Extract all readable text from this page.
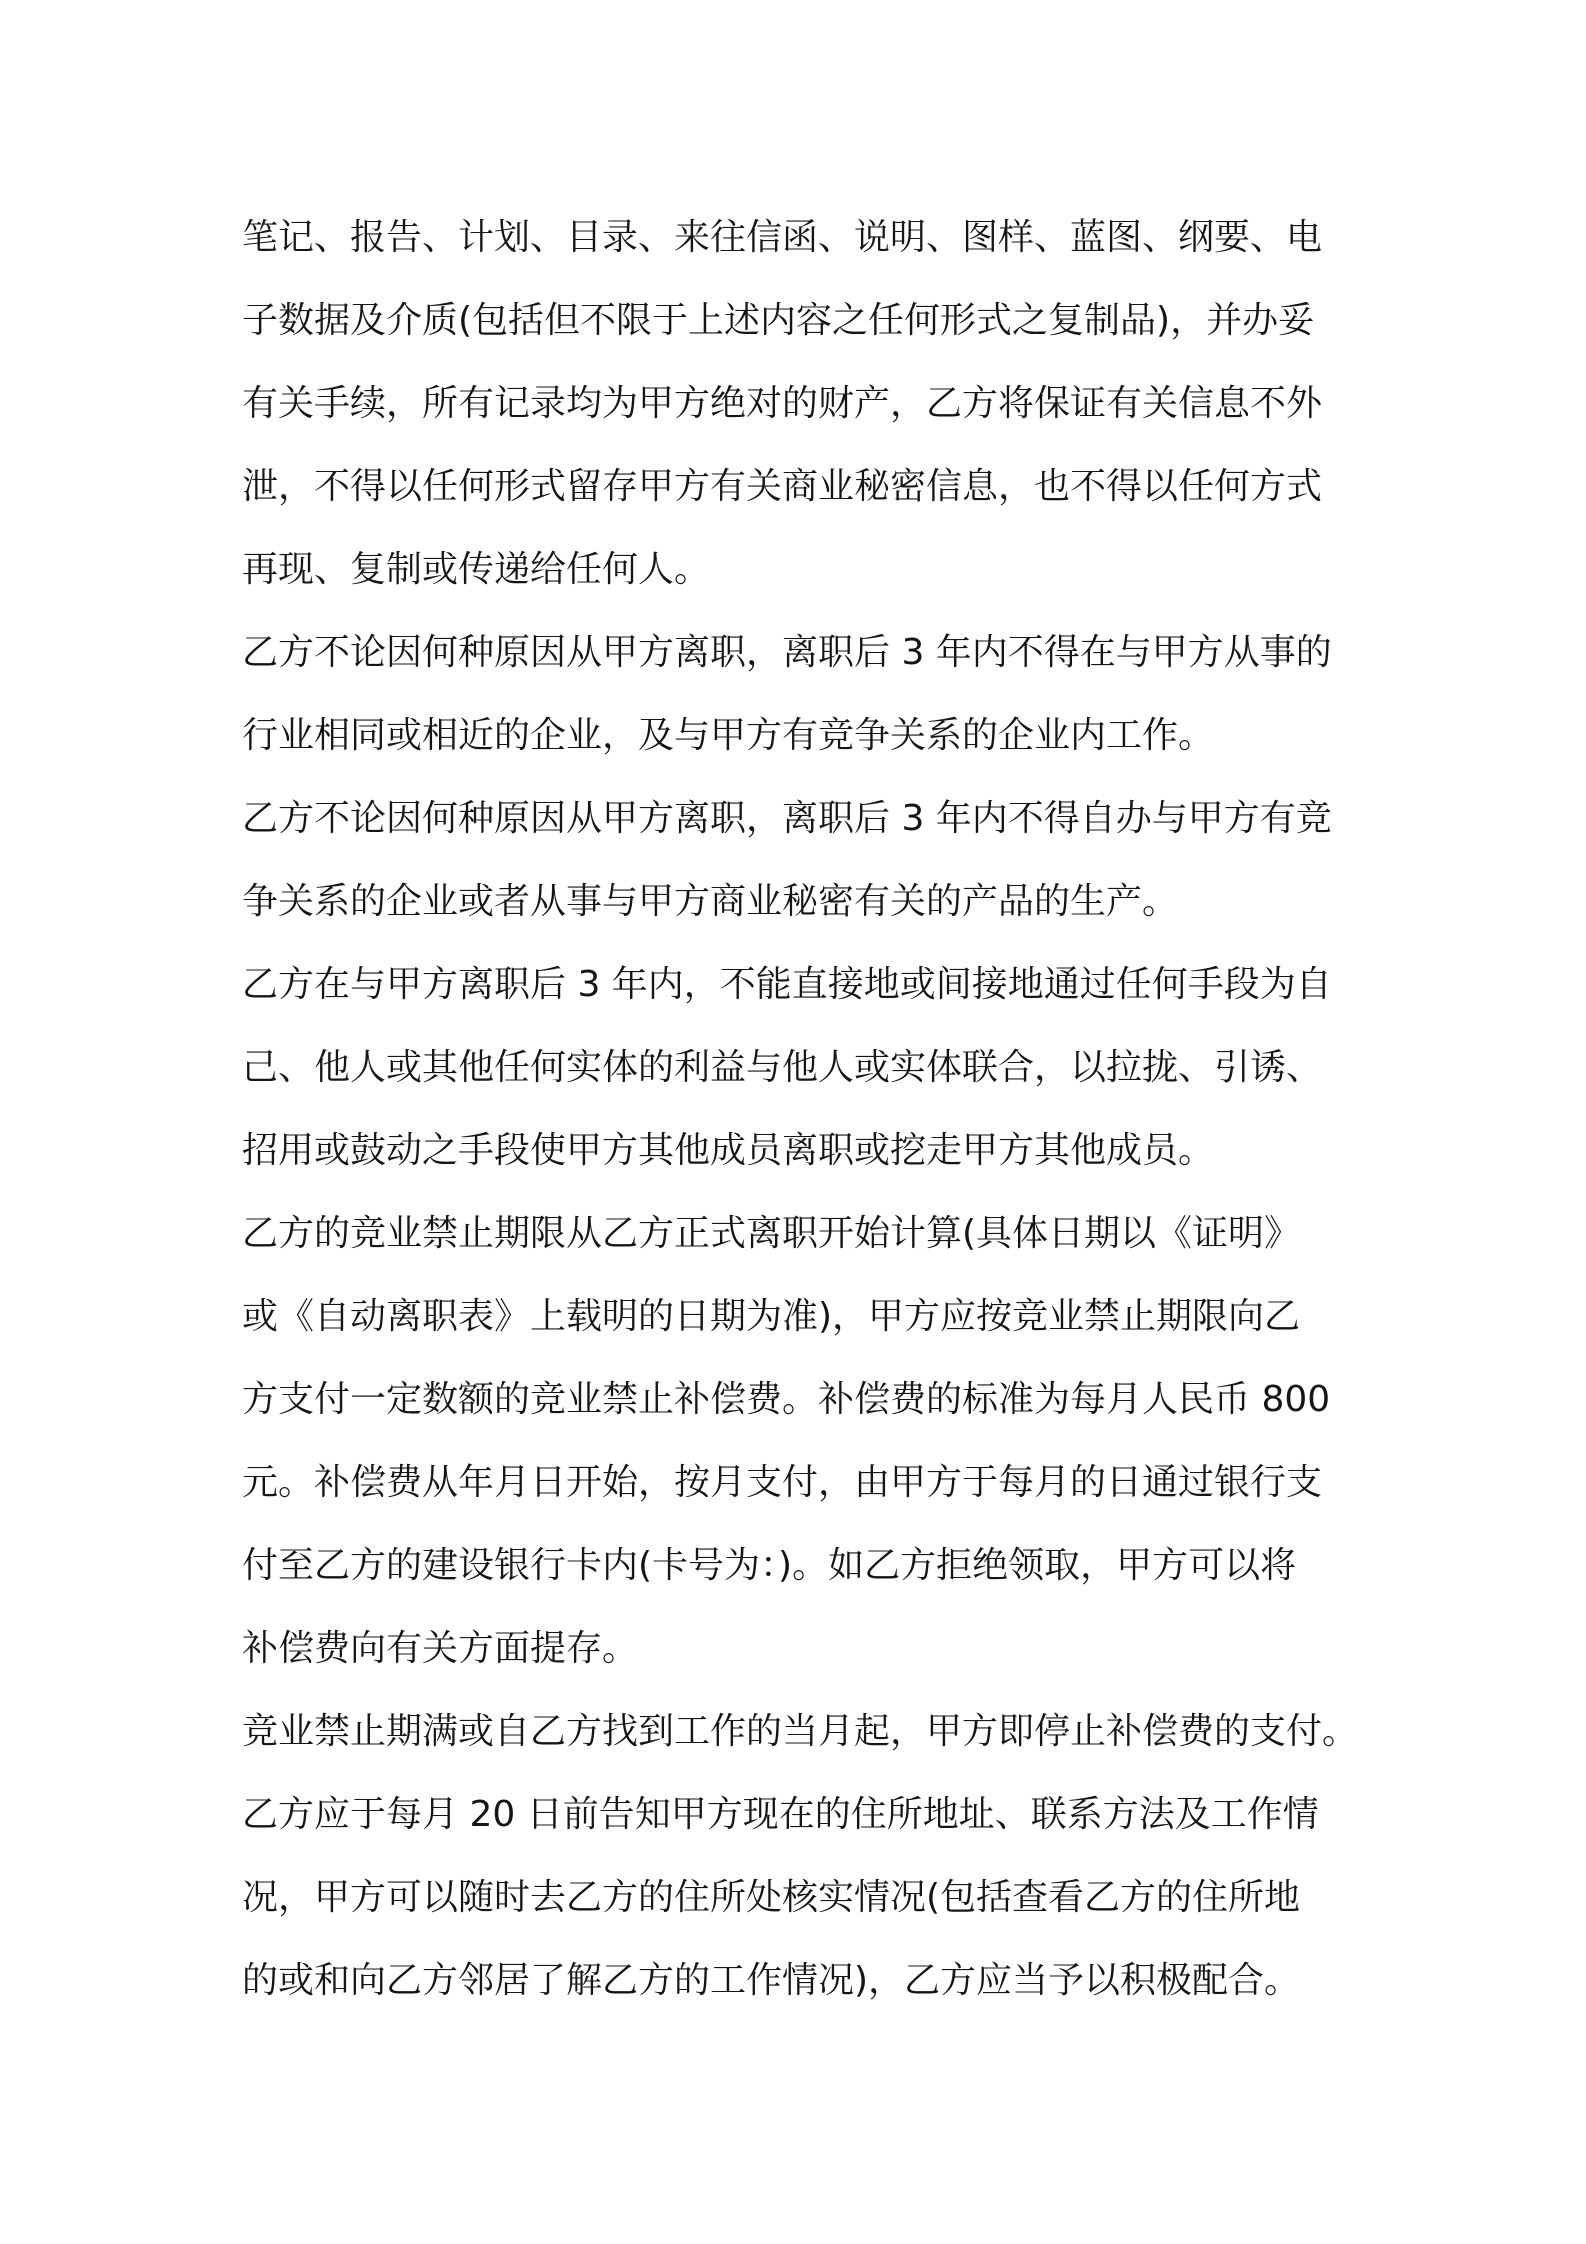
笔记、报告、计划、目录、来往信函、说明、图样、蓝图、纲要、电
子数据及介质(包括但不限于上述内容之任何形式之复制品)，并办妥
有关手续，所有记录均为甲方绝对的财产，乙方将保证有关信息不外
泄，不得以任何形式留存甲方有关商业秘密信息，也不得以任何方式
再现、复制或传递给任何人。
乙方不论因何种原因从甲方离职，离职后 3 年内不得在与甲方从事的
行业相同或相近的企业，及与甲方有竞争关系的企业内工作。
乙方不论因何种原因从甲方离职，离职后 3 年内不得自办与甲方有竞
争关系的企业或者从事与甲方商业秘密有关的产品的生产。
乙方在与甲方离职后 3 年内，不能直接地或间接地通过任何手段为自
己、他人或其他任何实体的利益与他人或实体联合，以拉拢、引诱、
招用或鼓动之手段使甲方其他成员离职或挖走甲方其他成员。
乙方的竞业禁止期限从乙方正式离职开始计算(具体日期以《证明》
或《自动离职表》上载明的日期为准)，甲方应按竞业禁止期限向乙
方支付一定数额的竞业禁止补偿费。补偿费的标准为每月人民币 800
元。补偿费从年月日开始，按月支付，由甲方于每月的日通过银行支
付至乙方的建设银行卡内(卡号为：)。如乙方拒绝领取，甲方可以将
补偿费向有关方面提存。
竞业禁止期满或自乙方找到工作的当月起，甲方即停止补偿费的支付。
乙方应于每月 20 日前告知甲方现在的住所地址、联系方法及工作情
况，甲方可以随时去乙方的住所处核实情况(包括查看乙方的住所地
的或和向乙方邻居了解乙方的工作情况)，乙方应当予以积极配合。
